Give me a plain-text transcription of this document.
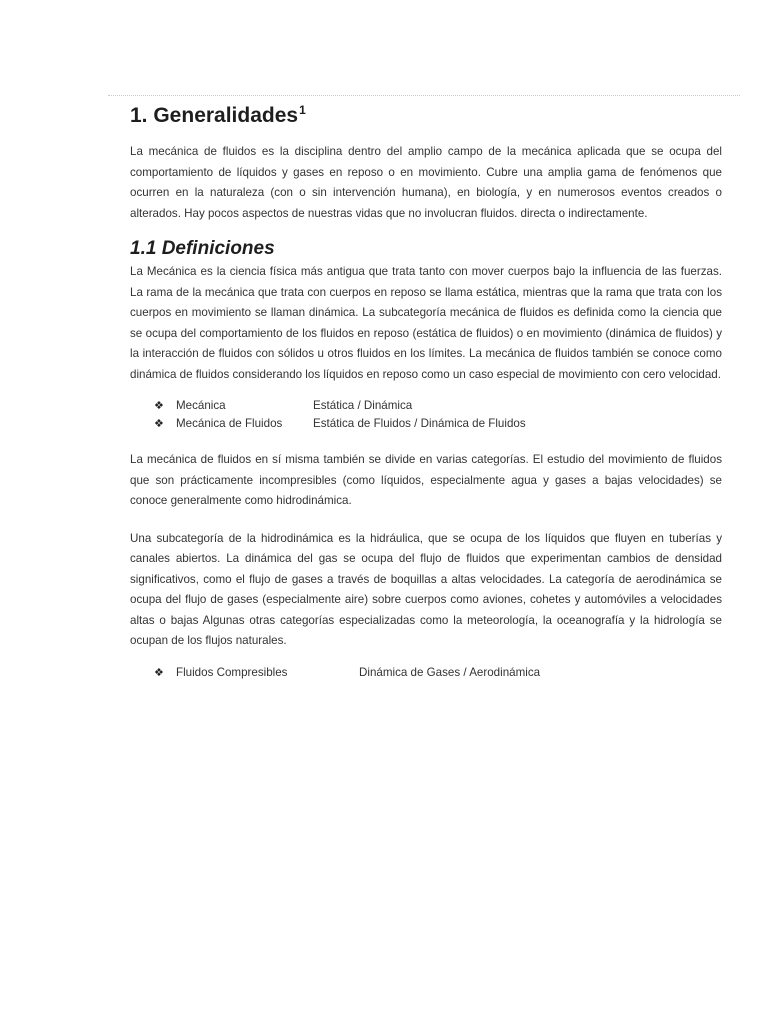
1. Generalidades$^1$

La mecánica de fluidos es la disciplina dentro del amplio campo de la mecánica aplicada que se ocupa del comportamiento de líquidos y gases en reposo o en movimiento. Cubre una amplia gama de fenómenos que ocurren en la naturaleza (con o sin intervención humana), en biología, y en numerosos eventos creados o alterados. Hay pocos aspectos de nuestras vidas que no involucran fluidos. directa o indirectamente.

1.1 Definiciones

La Mecánica es la ciencia física más antigua que trata tanto con mover cuerpos bajo la influencia de las fuerzas. La rama de la mecánica que trata con cuerpos en reposo se llama estática, mientras que la rama que trata con los cuerpos en movimiento se llaman dinámica. La subcategoría mecánica de fluidos es definida como la ciencia que se ocupa del comportamiento de los fluidos en reposo (estática de fluidos) o en movimiento (dinámica de fluidos) y la interacción de fluidos con sólidos u otros fluidos en los límites. La mecánica de fluidos también se conoce como dinámica de fluidos considerando los líquidos en reposo como un caso especial de movimiento con cero velocidad.

❖	Mecánica	Estática / Dinámica
❖	Mecánica de Fluidos	Estática de Fluidos / Dinámica de Fluidos

La mecánica de fluidos en sí misma también se divide en varias categorías. El estudio del movimiento de fluidos que son prácticamente incompresibles (como líquidos, especialmente agua y gases a bajas velocidades) se conoce generalmente como hidrodinámica.

Una subcategoría de la hidrodinámica es la hidráulica, que se ocupa de los líquidos que fluyen en tuberías y canales abiertos. La dinámica del gas se ocupa del flujo de fluidos que experimentan cambios de densidad significativos, como el flujo de gases a través de boquillas a altas velocidades. La categoría de aerodinámica se ocupa del flujo de gases (especialmente aire) sobre cuerpos como aviones, cohetes y automóviles a velocidades altas o bajas Algunas otras categorías especializadas como la meteorología, la oceanografía y la hidrología se ocupan de los flujos naturales.

❖	Fluidos Compresibles	Dinámica de Gases / Aerodinámica
